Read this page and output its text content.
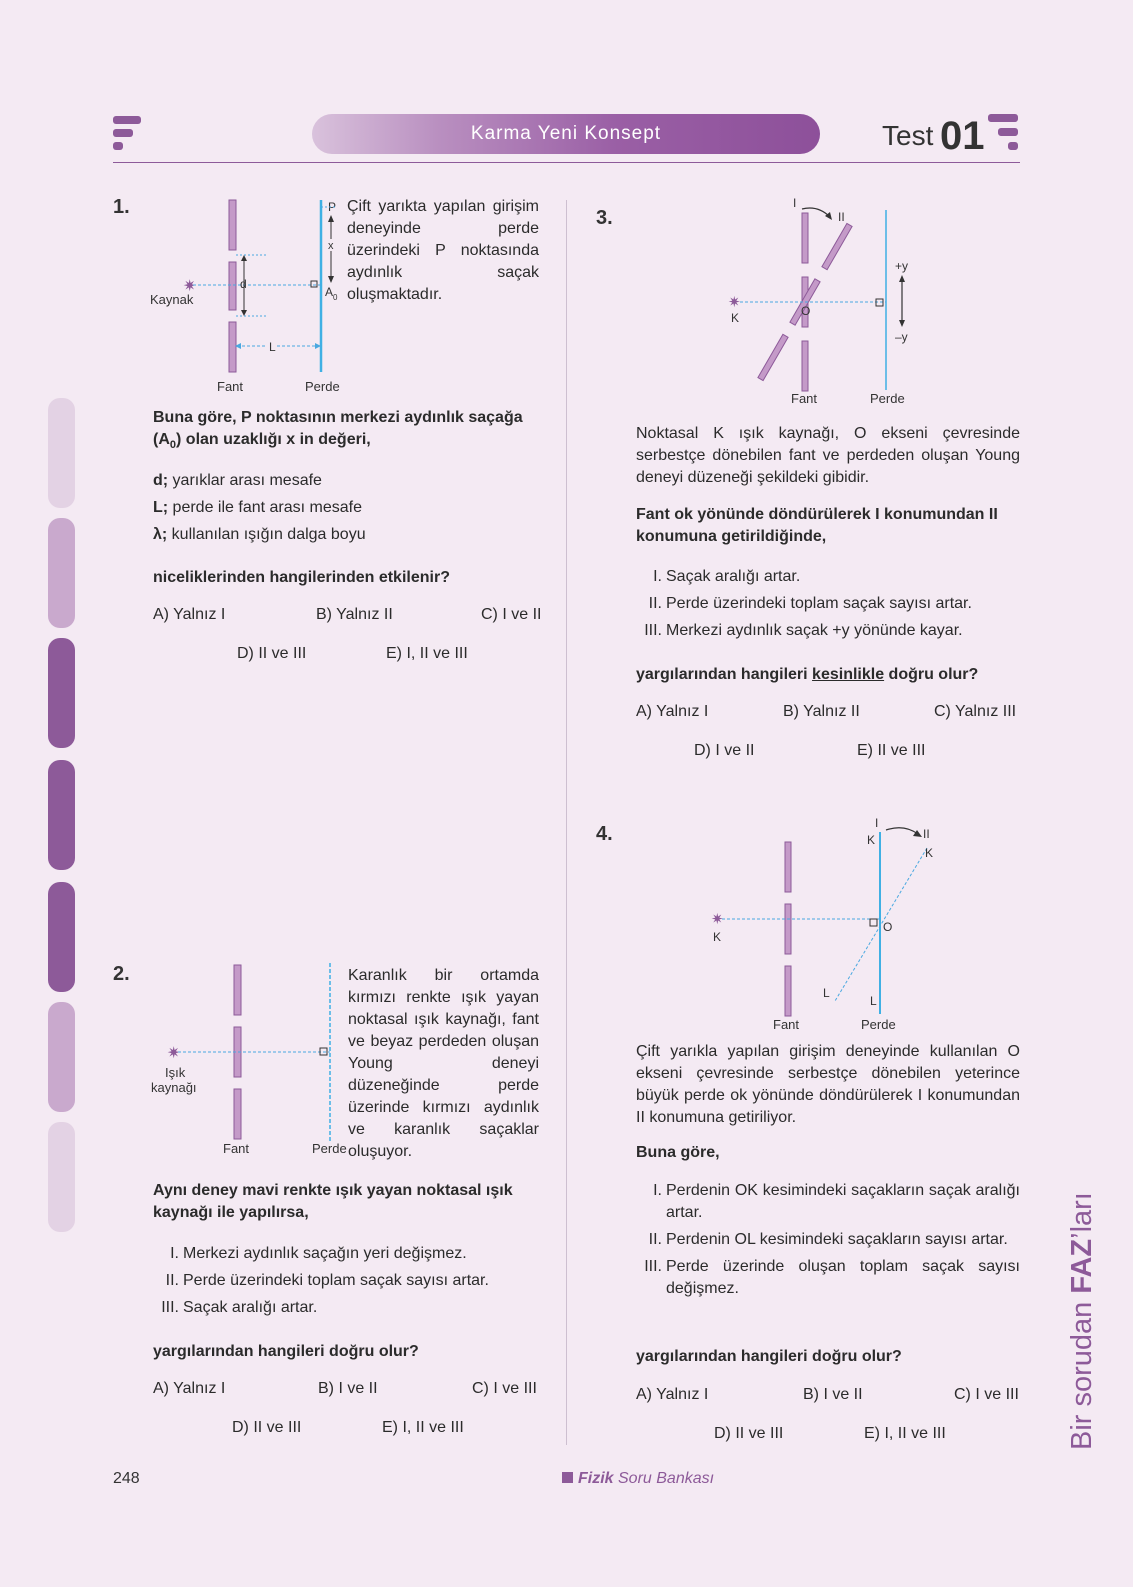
Karma Yeni Konsept	Test 01
1.
✷	d
L
A 0
P
x
Kaynak
Fant	Perde
Çift yarıkta yapılan girişim deneyinde perde üzerindeki P noktasında aydınlık saçak oluşmaktadır.
Buna göre, P noktasının merkezi aydınlık saçağa $(A_0)$ olan uzaklığı x in değeri,
d; yarıklar arası mesafe
L; perde ile fant arası mesafe
λ; kullanılan ışığın dalga boyu
niceliklerinden hangilerinden etkilenir?
A) Yalnız I	B) Yalnız II	C) I ve II
D) II ve III	E) I, II ve III
2.
✷
Işık
kaynağı
Fant	Perde
Karanlık bir ortamda kırmızı renkte ışık yayan noktasal ışık kaynağı, fant ve beyaz perdeden oluşan Young deneyi düzeneğinde perde üzerinde kırmızı aydınlık ve karanlık saçaklar oluşuyor.
Aynı deney mavi renkte ışık yayan noktasal ışık kaynağı ile yapılırsa,
I. Merkezi aydınlık saçağın yeri değişmez.
II. Perde üzerindeki toplam saçak sayısı artar.
III. Saçak aralığı artar.
yargılarından hangileri doğru olur?
A) Yalnız I	B) I ve II	C) I ve III
D) II ve III	E) I, II ve III
3.
✷
I
II
K	O
+y
–y
Fant	Perde
Noktasal K ışık kaynağı, O ekseni çevresinde serbestçe dönebilen fant ve perdeden oluşan Young deneyi düzeneği şekildeki gibidir.
Fant ok yönünde döndürülerek I konumundan II konumuna getirildiğinde,
I. Saçak aralığı artar.
II. Perde üzerindeki toplam saçak sayısı artar.
III. Merkezi aydınlık saçak +y yönünde kayar.
yargılarından hangileri kesinlikle doğru olur?
A) Yalnız I	B) Yalnız II	C) Yalnız III
D) I ve II	E) II ve III
4.
✷
I
II
K
K
O
L
L
K
Fant	Perde
Çift yarıkla yapılan girişim deneyinde kullanılan O ekseni çevresinde serbestçe dönebilen yeterince büyük perde ok yönünde döndürülerek I konumundan II konumuna getiriliyor.
Buna göre,
I. Perdenin OK kesimindeki saçakların saçak aralığı artar.
II. Perdenin OL kesimindeki saçakların sayısı artar.
III. Perde üzerinde oluşan toplam saçak sayısı değişmez.
yargılarından hangileri doğru olur?
A) Yalnız I	B) I ve II	C) I ve III
D) II ve III	E) I, II ve III	Bir sorudan FAZ’ları
248	Fizik Soru Bankası
